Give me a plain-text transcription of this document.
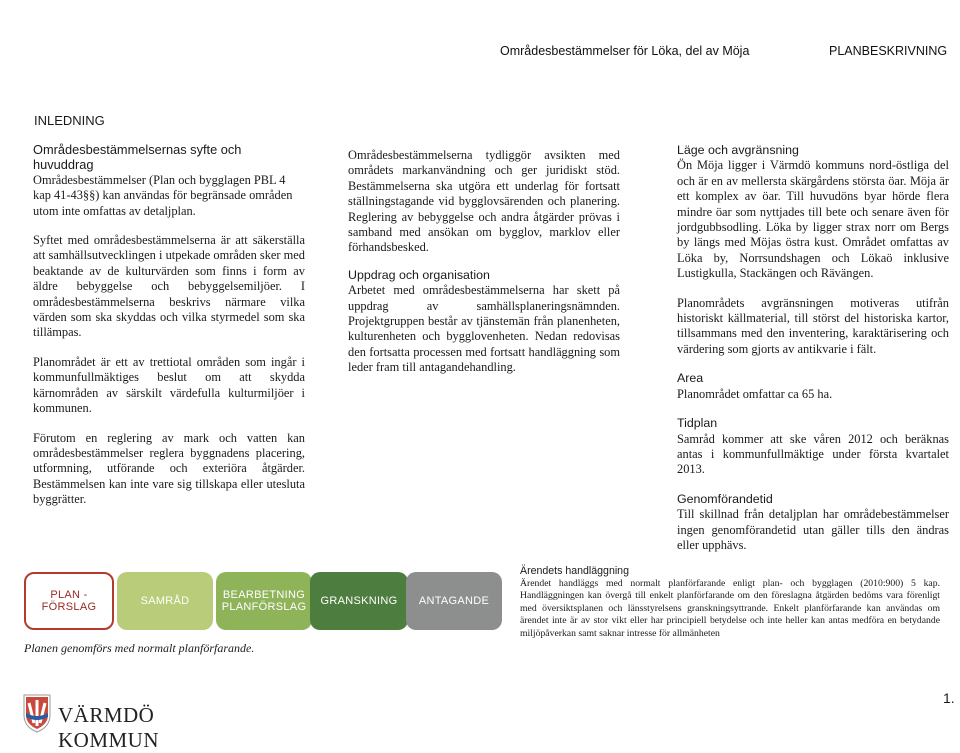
Områdesbestämmelser för Löka, del av Möja	PLANBESKRIVNING
INLEDNING

Områdesbestämmelsernas syfte och huvuddrag
Områdesbestämmelser (Plan och bygglagen PBL 4 kap 41-43§§) kan användas för begränsade områden utom inte omfattas av detaljplan.

Syftet med områdesbestämmelserna är att säkerställa att samhällsutvecklingen i utpekade områden sker med beaktande av de kulturvärden som finns i form av äldre bebyggelse och bebyggelsemiljöer. I områdesbestämmelserna beskrivs närmare vilka värden som ska skyddas och vilka styrmedel som ska tillämpas.

Planområdet är ett av trettiotal områden som ingår i kommunfullmäktiges beslut om att skydda kärnområden av särskilt värdefulla kulturmiljöer i kommunen.

Förutom en reglering av mark och vatten kan områdesbestämmelser reglera byggnadens placering, utformning, utförande och exteriöra åtgärder. Bestämmelsen kan inte vare sig tillskapa eller utesluta byggrätter.

Områdesbestämmelserna tydliggör avsikten med områdets markanvändning och ger juridiskt stöd. Bestämmelserna ska utgöra ett underlag för fortsatt ställningstagande vid bygglovsärenden och planering. Reglering av bebyggelse och andra åtgärder prövas i samband med ansökan om bygglov, marklov eller förhandsbesked.

Uppdrag och organisation
Arbetet med områdesbestämmelserna har skett på uppdrag av samhällsplaneringsnämnden. Projektgruppen består av tjänstemän från planenheten, kulturenheten och bygglovenheten. Nedan redovisas den fortsatta processen med fortsatt handläggning som leder fram till antagandehandling.

Läge och avgränsning
Ön Möja ligger i Värmdö kommuns nord-östliga del och är en av mellersta skärgårdens största öar. Möja är ett komplex av öar. Till huvudöns byar hörde flera mindre öar som nyttjades till bete och senare även för jordgubbsodling. Löka by ligger strax norr om Bergs by längs med Möjas östra kust. Området omfattas av Löka by, Norrsundshagen och Lökaö inklusive Lustigkulla, Stackängen och Rävängen.

Planområdets avgränsningen motiveras utifrån historiskt källmaterial, till störst del historiska kartor, tillsammans med den inventering, karaktärisering och värdering som gjorts av antikvarie i fält.

Area
Planområdet omfattar ca 65 ha.

Tidplan
Samråd kommer att ske våren 2012 och beräknas antas i kommunfullmäktige under första kvartalet 2013.

Genomförandetid
Till skillnad från detaljplan har områdebestämmelser ingen genomförandetid utan gäller tills den ändras eller upphävs.

Ärendets handläggning
Ärendet handläggs med normalt planförfarande enligt plan- och bygglagen (2010:900) 5 kap. Handläggningen kan övergå till enkelt planförfarande om den föreslagna åtgärden bedöms vara förenligt med översiktsplanen och länsstyrelsens granskningsyttrande. Enkelt planförfarande kan användas om ärendet inte är av stor vikt eller har principiell betydelse och inte heller kan antas medföra en betydande miljöpåverkan samt saknar intresse för allmänheten
PLAN - FÖRSLAG
SAMRÅD
BEARBETNING PLANFÖRSLAG
GRANSKNING ANTAGANDE
Planen genomförs med normalt planförfarande.
VÄRMDÖ KOMMUN
1.
